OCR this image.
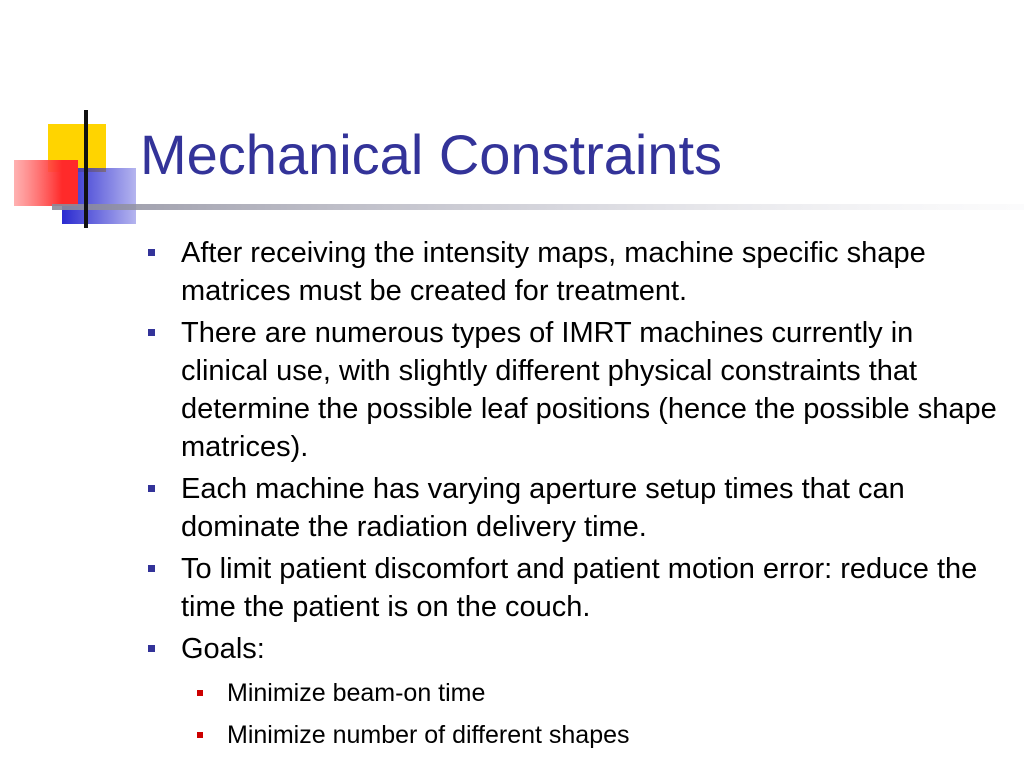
Mechanical Constraints
After receiving the intensity maps, machine specific shape matrices must be created for treatment.
There are numerous types of IMRT machines currently in clinical use, with slightly different physical constraints that determine the possible leaf positions (hence the possible shape matrices).
Each machine has varying aperture setup times that can dominate the radiation delivery time.
To limit patient discomfort and patient motion error: reduce the time the patient is on the couch.
Goals:
Minimize beam-on time
Minimize number of different shapes
